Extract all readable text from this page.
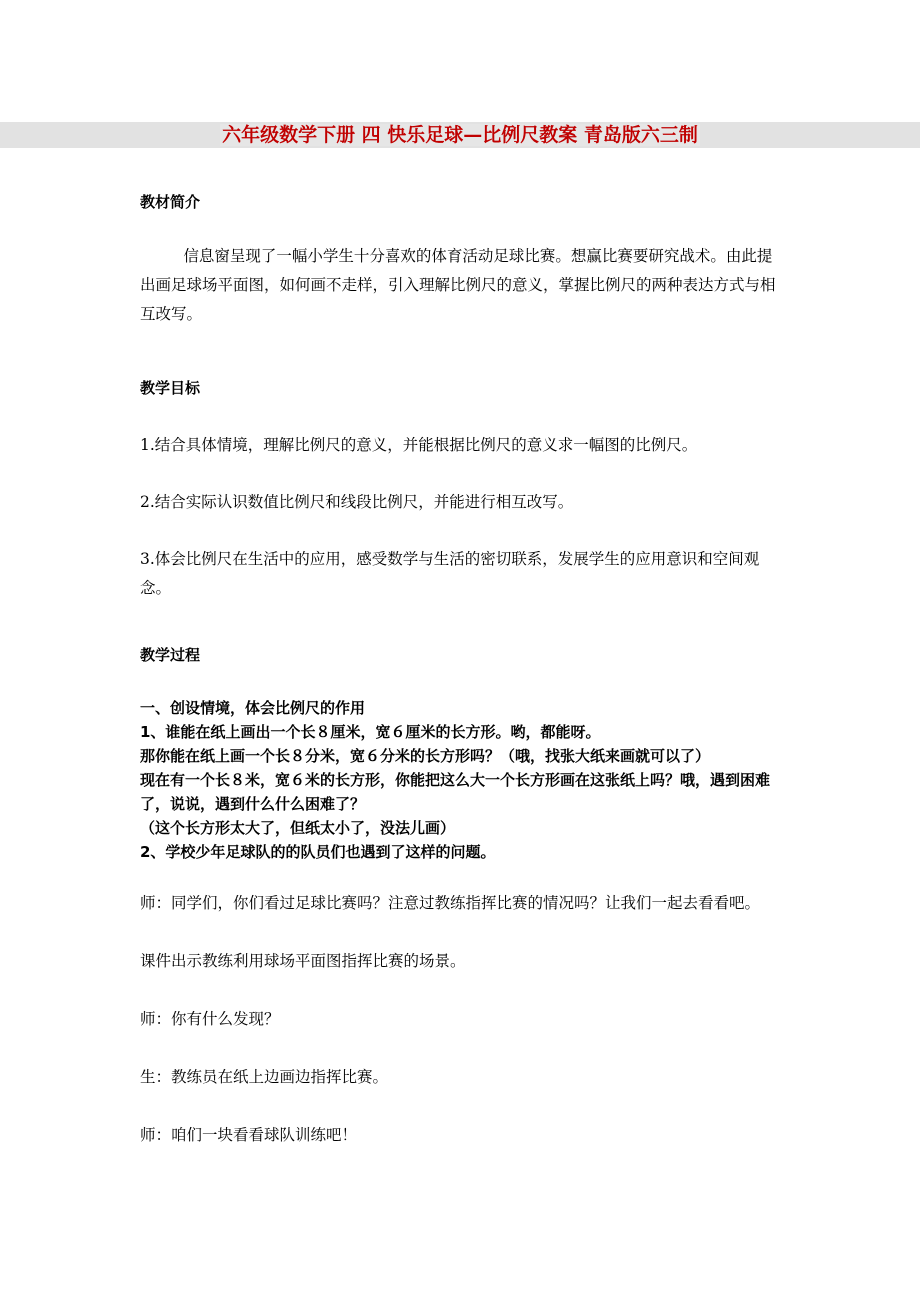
六年级数学下册 四 快乐足球—比例尺教案 青岛版六三制

教材简介

信息窗呈现了一幅小学生十分喜欢的体育活动足球比赛。想赢比赛要研究战术。由此提出画足球场平面图，如何画不走样，引入理解比例尺的意义，掌握比例尺的两种表达方式与相互改写。

教学目标

1.结合具体情境，理解比例尺的意义，并能根据比例尺的意义求一幅图的比例尺。

2.结合实际认识数值比例尺和线段比例尺，并能进行相互改写。

3.体会比例尺在生活中的应用，感受数学与生活的密切联系，发展学生的应用意识和空间观念。

教学过程

一、创设情境，体会比例尺的作用
1、谁能在纸上画出一个长８厘米，宽６厘米的长方形。哟，都能呀。
那你能在纸上画一个长８分米，宽６分米的长方形吗？（哦，找张大纸来画就可以了）
现在有一个长８米，宽６米的长方形，你能把这么大一个长方形画在这张纸上吗？哦，遇到困难了，说说，遇到什么什么困难了？
（这个长方形太大了，但纸太小了，没法儿画）
2、学校少年足球队的的队员们也遇到了这样的问题。

师：同学们，你们看过足球比赛吗？注意过教练指挥比赛的情况吗？让我们一起去看看吧。

课件出示教练利用球场平面图指挥比赛的场景。

师：你有什么发现？

生：教练员在纸上边画边指挥比赛。

师：咱们一块看看球队训练吧！
